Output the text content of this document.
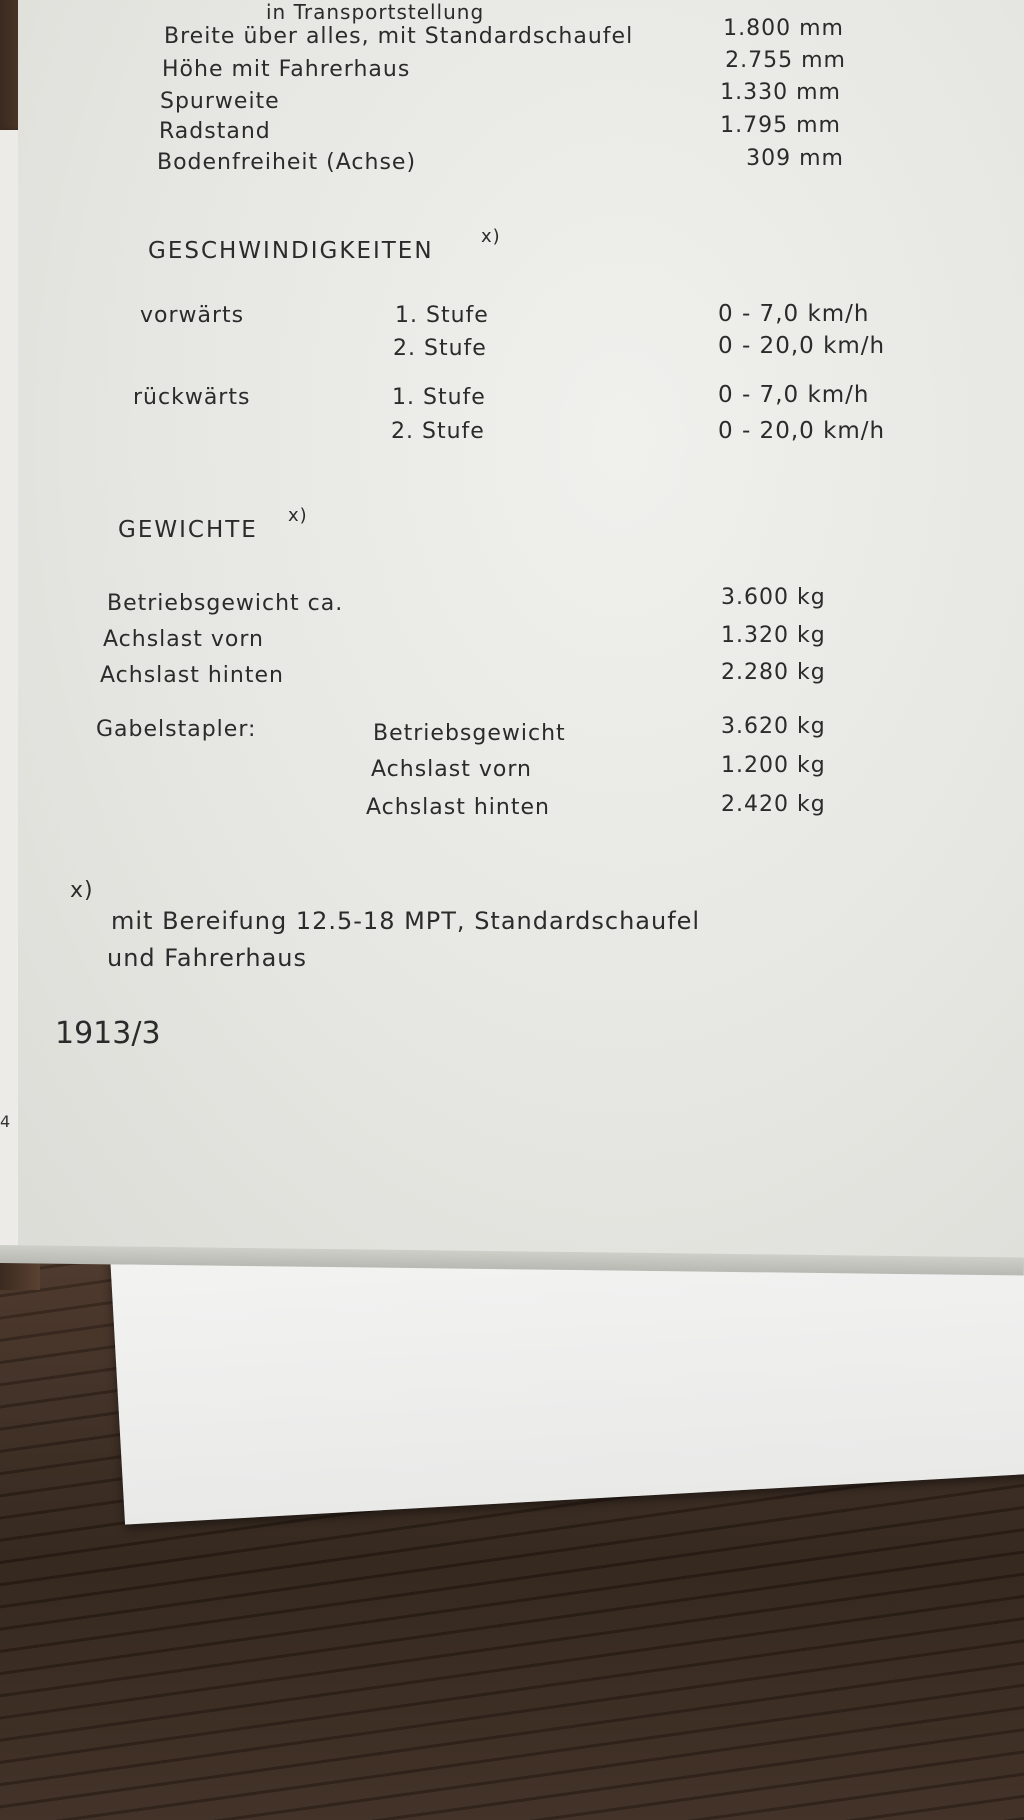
in Transportstellung
Breite über alles, mit Standardschaufel	1.800 mm
Höhe mit Fahrerhaus	2.755 mm
Spurweite	1.330 mm
Radstand	1.795 mm
Bodenfreiheit (Achse)	309 mm
GESCHWINDIGKEITEN
x)
vorwärts	1. Stufe	0 - 7,0 km/h
2. Stufe	0 - 20,0 km/h
rückwärts	1. Stufe	0 - 7,0 km/h
2. Stufe	0 - 20,0 km/h
GEWICHTE
x)
Betriebsgewicht ca.	3.600 kg
Achslast vorn	1.320 kg
Achslast hinten	2.280 kg
Gabelstapler:	Betriebsgewicht	3.620 kg
Achslast vorn	1.200 kg
Achslast hinten	2.420 kg
x)
mit Bereifung 12.5-18 MPT, Standardschaufel
und Fahrerhaus
1913/3
4
